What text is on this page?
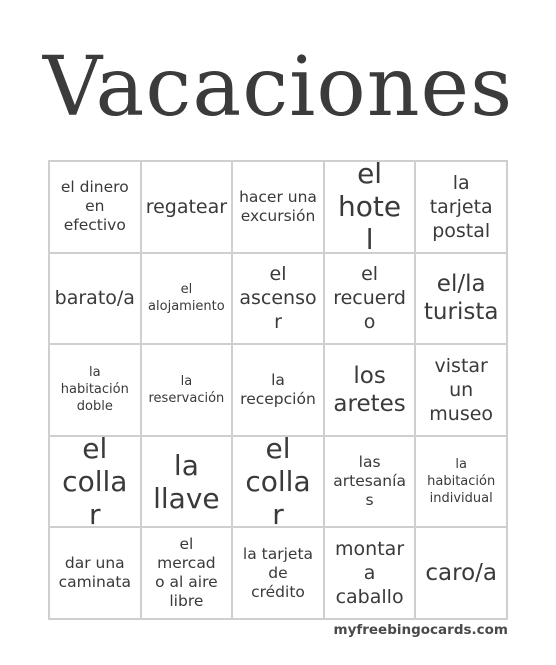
Vacaciones
el dinero en efectivo
regatear hacer una excursión
el hotel
la tarjeta postal
barato/a	el alojamiento
el ascensor
el recuerdo
el/la turista
la habitación doble
la reservación
la recepción
los aretes
vistar un museo
el collar
la llave
el collar
las artesanías
la habitación individual
dar una caminata
el mercado al aire libre
la tarjeta de crédito
montar a caballo
caro/a
myfreebingocards.com
